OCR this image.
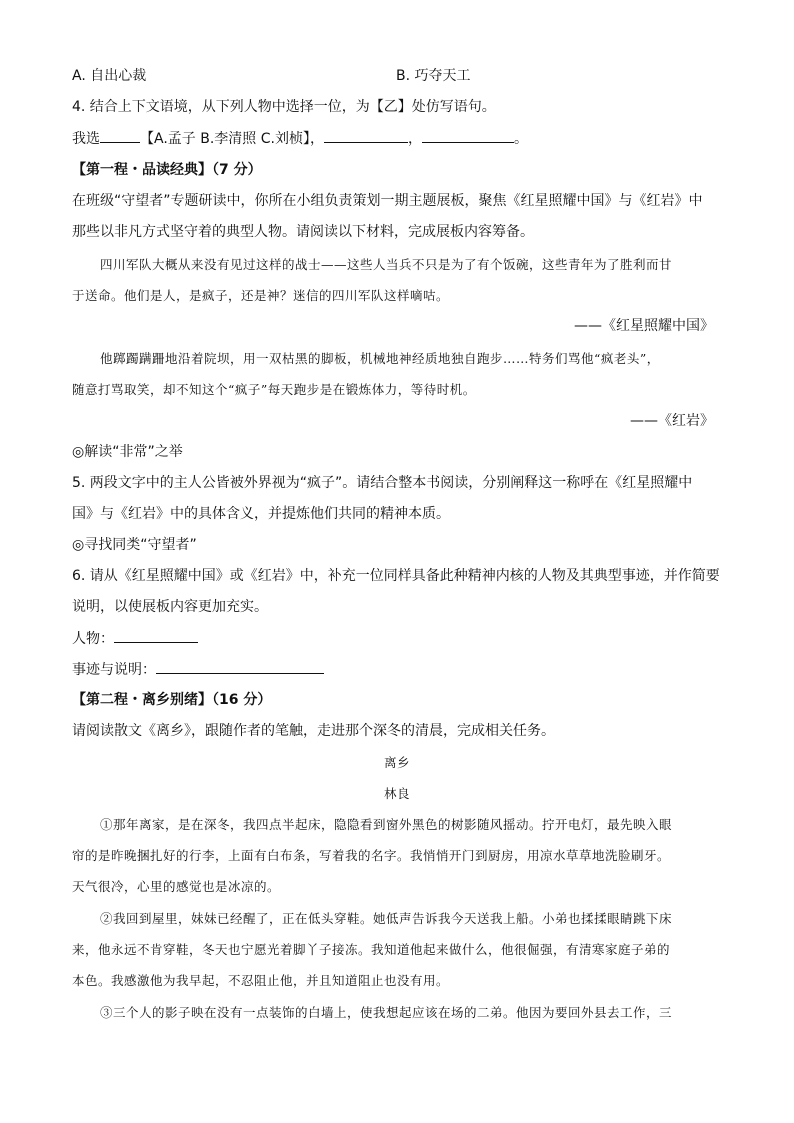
A. 自出心裁	B. 巧夺天工
4. 结合上下文语境，从下列人物中选择一位，为【乙】处仿写语句。
我选	【A.孟子 B.李清照 C.刘桢】，	，	。
【第一程・品读经典】（7 分）
在班级“守望者”专题研读中，你所在小组负责策划一期主题展板，聚焦《红星照耀中国》与《红岩》中
那些以非凡方式坚守着的典型人物。请阅读以下材料，完成展板内容筹备。
四川军队大概从来没有见过这样的战士——这些人当兵不只是为了有个饭碗，这些青年为了胜利而甘
于送命。他们是人，是疯子，还是神？迷信的四川军队这样嘀咕。
——《红星照耀中国》
他踯躅蹒跚地沿着院坝，用一双枯黑的脚板，机械地神经质地独自跑步……特务们骂他“疯老头”，
随意打骂取笑，却不知这个“疯子”每天跑步是在锻炼体力，等待时机。
——《红岩》
◎解读“非常”之举
5. 两段文字中的主人公皆被外界视为“疯子”。请结合整本书阅读，分别阐释这一称呼在《红星照耀中
国》与《红岩》中的具体含义，并提炼他们共同的精神本质。
◎寻找同类“守望者”
6. 请从《红星照耀中国》或《红岩》中，补充一位同样具备此种精神内核的人物及其典型事迹，并作简要
说明，以使展板内容更加充实。
人物：
事迹与说明：
【第二程・离乡别绪】（16 分）
请阅读散文《离乡》，跟随作者的笔触，走进那个深冬的清晨，完成相关任务。
离乡
林良
①那年离家，是在深冬，我四点半起床，隐隐看到窗外黑色的树影随风摇动。拧开电灯，最先映入眼
帘的是昨晚捆扎好的行李，上面有白布条，写着我的名字。我悄悄开门到厨房，用凉水草草地洗脸刷牙。
天气很冷，心里的感觉也是冰凉的。
②我回到屋里，妹妹已经醒了，正在低头穿鞋。她低声告诉我今天送我上船。小弟也揉揉眼睛跳下床
来，他永远不肯穿鞋，冬天也宁愿光着脚丫子接冻。我知道他起来做什么，他很倔强，有清寒家庭子弟的
本色。我感激他为我早起，不忍阻止他，并且知道阻止也没有用。
③三个人的影子映在没有一点装饰的白墙上，使我想起应该在场的二弟。他因为要回外县去工作，三
